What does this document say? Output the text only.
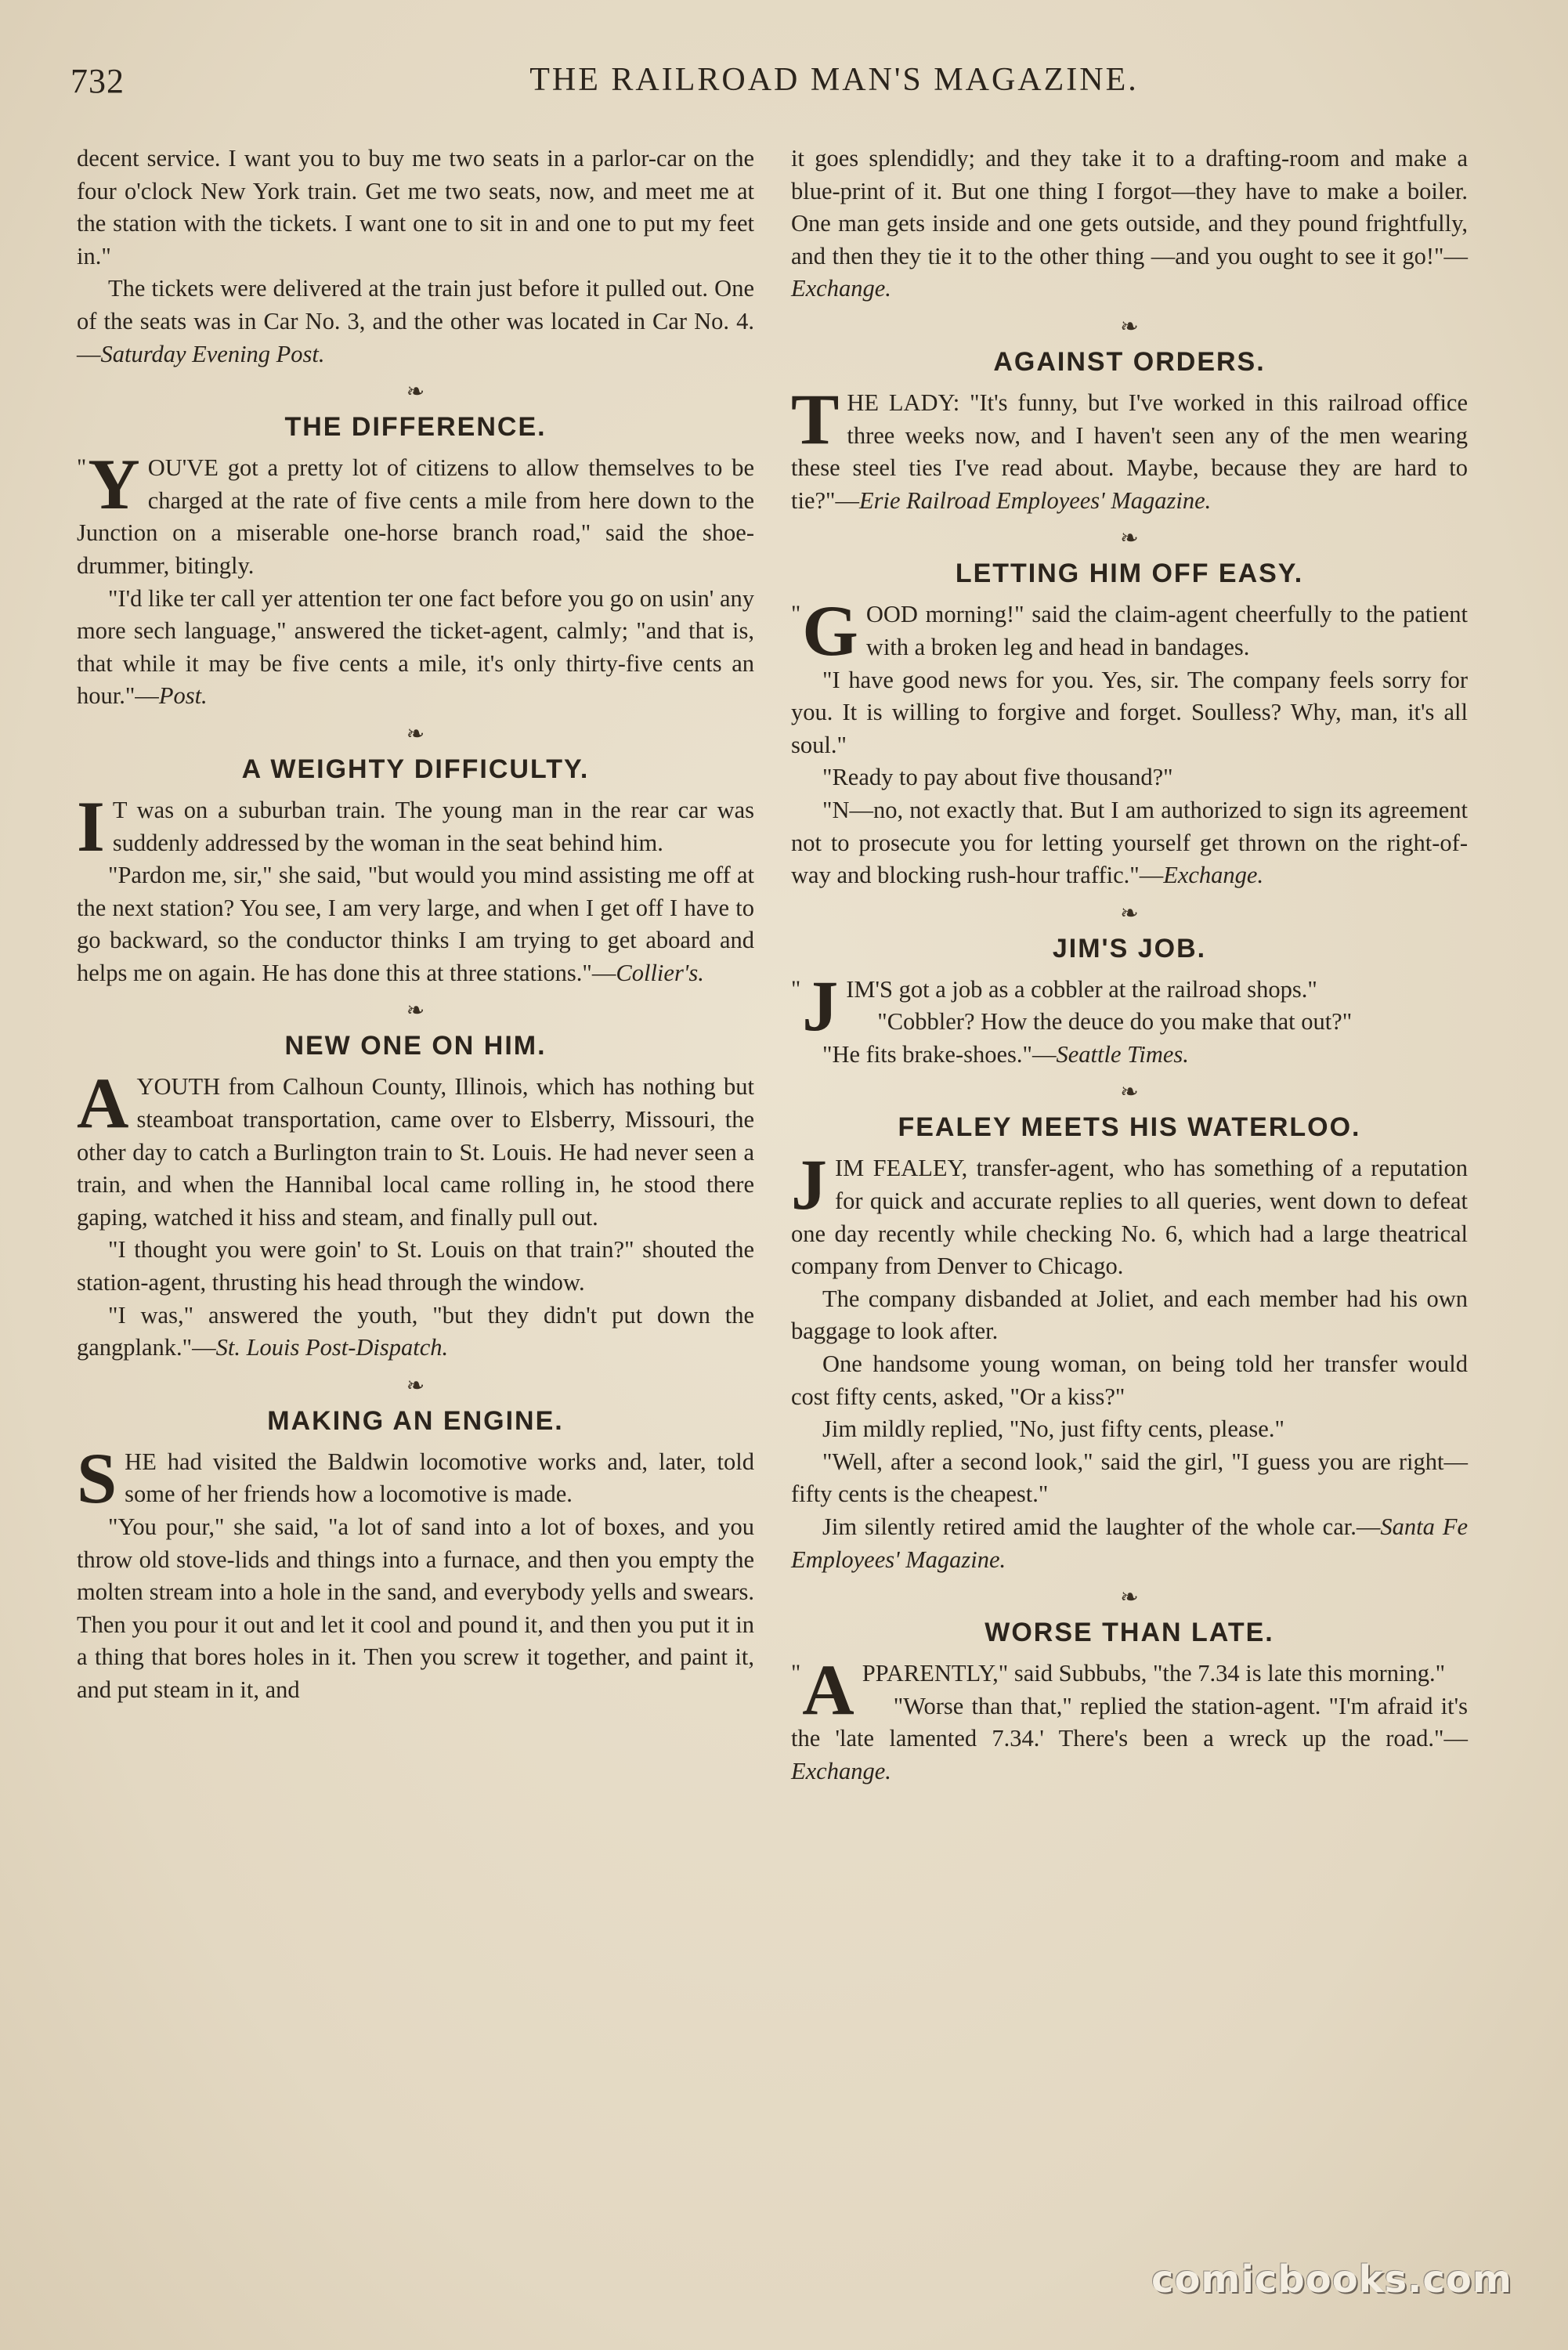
732	THE RAILROAD MAN'S MAGAZINE.

decent service. I want you to buy me two seats in a parlor-car on the four o'clock New York train. Get me two seats, now, and meet me at the station with the tickets. I want one to sit in and one to put my feet in."

The tickets were delivered at the train just before it pulled out. One of the seats was in Car No. 3, and the other was located in Car No. 4.—Saturday Evening Post.

❧
THE DIFFERENCE.

" Y OU'VE got a pretty lot of citizens to allow themselves to be charged at the rate of five cents a mile from here down to the Junction on a miserable one-horse branch road," said the shoe-drummer, bitingly.

"I'd like ter call yer attention ter one fact before you go on usin' any more sech language," answered the ticket-agent, calmly; "and that is, that while it may be five cents a mile, it's only thirty-five cents an hour."—Post.

❧
A WEIGHTY DIFFICULTY.

I T was on a suburban train. The young man in the rear car was suddenly addressed by the woman in the seat behind him.

"Pardon me, sir," she said, "but would you mind assisting me off at the next station? You see, I am very large, and when I get off I have to go backward, so the conductor thinks I am trying to get aboard and helps me on again. He has done this at three stations."—Collier's.

❧
NEW ONE ON HIM.

AYOUTH from Calhoun County, Illinois, which has nothing but steamboat transportation, came over to Elsberry, Missouri, the other day to catch a Burlington train to St. Louis. He had never seen a train, and when the Hannibal local came rolling in, he stood there gaping, watched it hiss and steam, and finally pull out.

"I thought you were goin' to St. Louis on that train?" shouted the station-agent, thrusting his head through the window.

"I was," answered the youth, "but they didn't put down the gangplank."—St. Louis Post-Dispatch.

❧
MAKING AN ENGINE.

SHE had visited the Baldwin locomotive works and, later, told some of her friends how a locomotive is made.

"You pour," she said, "a lot of sand into a lot of boxes, and you throw old stove-lids and things into a furnace, and then you empty the molten stream into a hole in the sand, and everybody yells and swears. Then you pour it out and let it cool and pound it, and then you put it in a thing that bores holes in it. Then you screw it together, and paint it, and put steam in it, and

it goes splendidly; and they take it to a drafting-room and make a blue-print of it. But one thing I forgot—they have to make a boiler. One man gets inside and one gets outside, and they pound frightfully, and then they tie it to the other thing —and you ought to see it go!"—Exchange.

❧
AGAINST ORDERS.

THE LADY: "It's funny, but I've worked in this railroad office three weeks now, and I haven't seen any of the men wearing these steel ties I've read about. Maybe, because they are hard to tie?"—Erie Railroad Employees' Magazine.

❧
LETTING HIM OFF EASY.

" G OOD morning!" said the claim-agent cheerfully to the patient with a broken leg and head in bandages.

"I have good news for you. Yes, sir. The company feels sorry for you. It is willing to forgive and forget. Soulless? Why, man, it's all soul."

"Ready to pay about five thousand?"

"N—no, not exactly that. But I am authorized to sign its agreement not to prosecute you for letting yourself get thrown on the right-of-way and blocking rush-hour traffic."—Exchange.

❧
JIM'S JOB.

" J IM'S got a job as a cobbler at the railroad shops."

"Cobbler? How the deuce do you make that out?"

"He fits brake-shoes."—Seattle Times.

❧
FEALEY MEETS HIS WATERLOO.

JIM FEALEY, transfer-agent, who has something of a reputation for quick and accurate replies to all queries, went down to defeat one day recently while checking No. 6, which had a large theatrical company from Denver to Chicago.

The company disbanded at Joliet, and each member had his own baggage to look after.

One handsome young woman, on being told her transfer would cost fifty cents, asked, "Or a kiss?"

Jim mildly replied, "No, just fifty cents, please."

"Well, after a second look," said the girl, "I guess you are right—fifty cents is the cheapest."

Jim silently retired amid the laughter of the whole car.—Santa Fe Employees' Magazine.

❧
WORSE THAN LATE.

" A PPARENTLY," said Subbubs, "the 7.34 is late this morning."

"Worse than that," replied the station-agent. "I'm afraid it's the 'late lamented 7.34.' There's been a wreck up the road."—Exchange.

comicbooks.com
